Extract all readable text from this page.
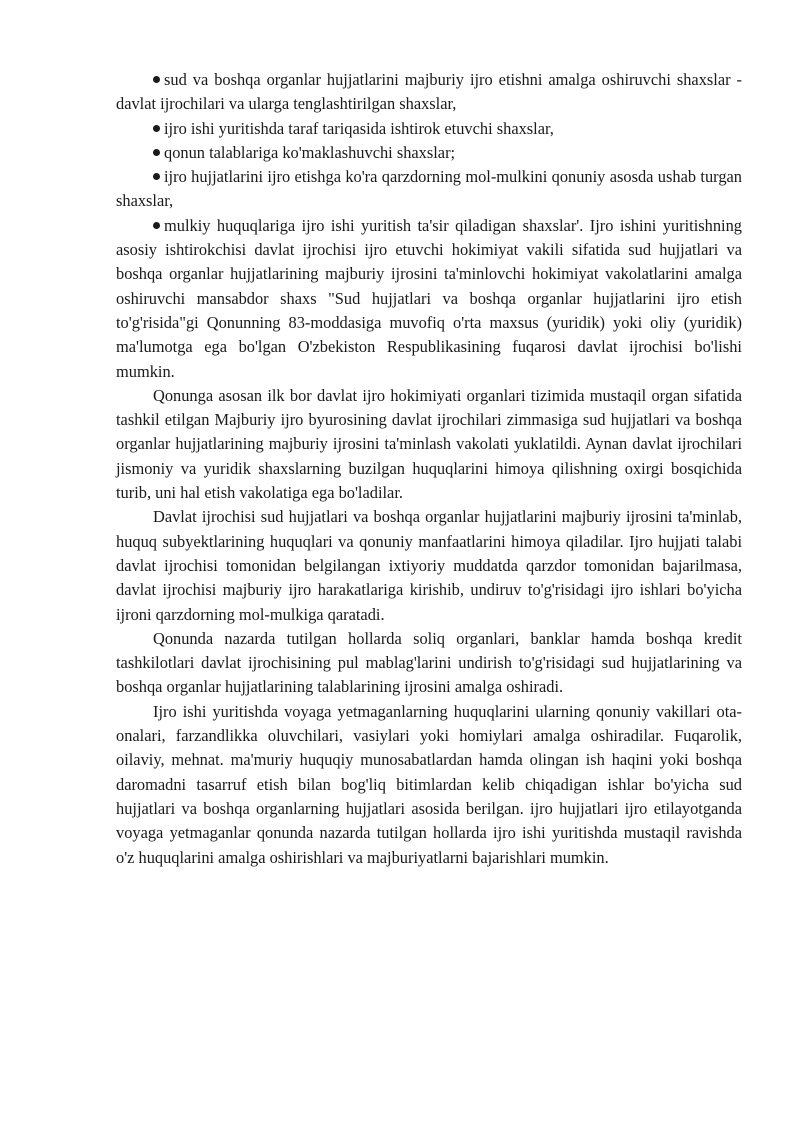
sud va boshqa organlar hujjatlarini majburiy ijro etishni amalga oshiruvchi shaxslar - davlat ijrochilari va ularga tenglashtirilgan shaxslar,

ijro ishi yuritishda taraf tariqasida ishtirok etuvchi shaxslar,

qonun talablariga ko'maklashuvchi shaxslar;

ijro hujjatlarini ijro etishga ko'ra qarzdorning mol-mulkini qonuniy asosda ushab turgan shaxslar,

mulkiy huquqlariga ijro ishi yuritish ta'sir qiladigan shaxslar'. Ijro ishini yuritishning asosiy ishtirokchisi davlat ijrochisi ijro etuvchi hokimiyat vakili sifatida sud hujjatlari va boshqa organlar hujjatlarining majburiy ijrosini ta'minlovchi hokimiyat vakolatlarini amalga oshiruvchi mansabdor shaxs "Sud hujjatlari va boshqa organlar hujjatlarini ijro etish to'g'risida"gi Qonunning 83-moddasiga muvofiq o'rta maxsus (yuridik) yoki oliy (yuridik) ma'lumotga ega bo'lgan O'zbekiston Respublikasining fuqarosi davlat ijrochisi bo'lishi mumkin.

Qonunga asosan ilk bor davlat ijro hokimiyati organlari tizimida mustaqil organ sifatida tashkil etilgan Majburiy ijro byurosining davlat ijrochilari zimmasiga sud hujjatlari va boshqa organlar hujjatlarining majburiy ijrosini ta'minlash vakolati yuklatildi. Aynan davlat ijrochilari jismoniy va yuridik shaxslarning buzilgan huquqlarini himoya qilishning oxirgi bosqichida turib, uni hal etish vakolatiga ega bo'ladilar.

Davlat ijrochisi sud hujjatlari va boshqa organlar hujjatlarini majburiy ijrosini ta'minlab, huquq subyektlarining huquqlari va qonuniy manfaatlarini himoya qiladilar. Ijro hujjati talabi davlat ijrochisi tomonidan belgilangan ixtiyoriy muddatda qarzdor tomonidan bajarilmasa, davlat ijrochisi majburiy ijro harakatlariga kirishib, undiruv to'g'risidagi ijro ishlari bo'yicha ijroni qarzdorning mol-mulkiga qaratadi.

Qonunda nazarda tutilgan hollarda soliq organlari, banklar hamda boshqa kredit tashkilotlari davlat ijrochisining pul mablag'larini undirish to'g'risidagi sud hujjatlarining va boshqa organlar hujjatlarining talablarining ijrosini amalga oshiradi.

Ijro ishi yuritishda voyaga yetmaganlarning huquqlarini ularning qonuniy vakillari ota-onalari, farzandlikka oluvchilari, vasiylari yoki homiylari amalga oshiradilar. Fuqarolik, oilaviy, mehnat. ma'muriy huquqiy munosabatlardan hamda olingan ish haqini yoki boshqa daromadni tasarruf etish bilan bog'liq bitimlardan kelib chiqadigan ishlar bo'yicha sud hujjatlari va boshqa organlarning hujjatlari asosida berilgan. ijro hujjatlari ijro etilayotganda voyaga yetmaganlar qonunda nazarda tutilgan hollarda ijro ishi yuritishda mustaqil ravishda o'z huquqlarini amalga oshirishlari va majburiyatlarni bajarishlari mumkin.
